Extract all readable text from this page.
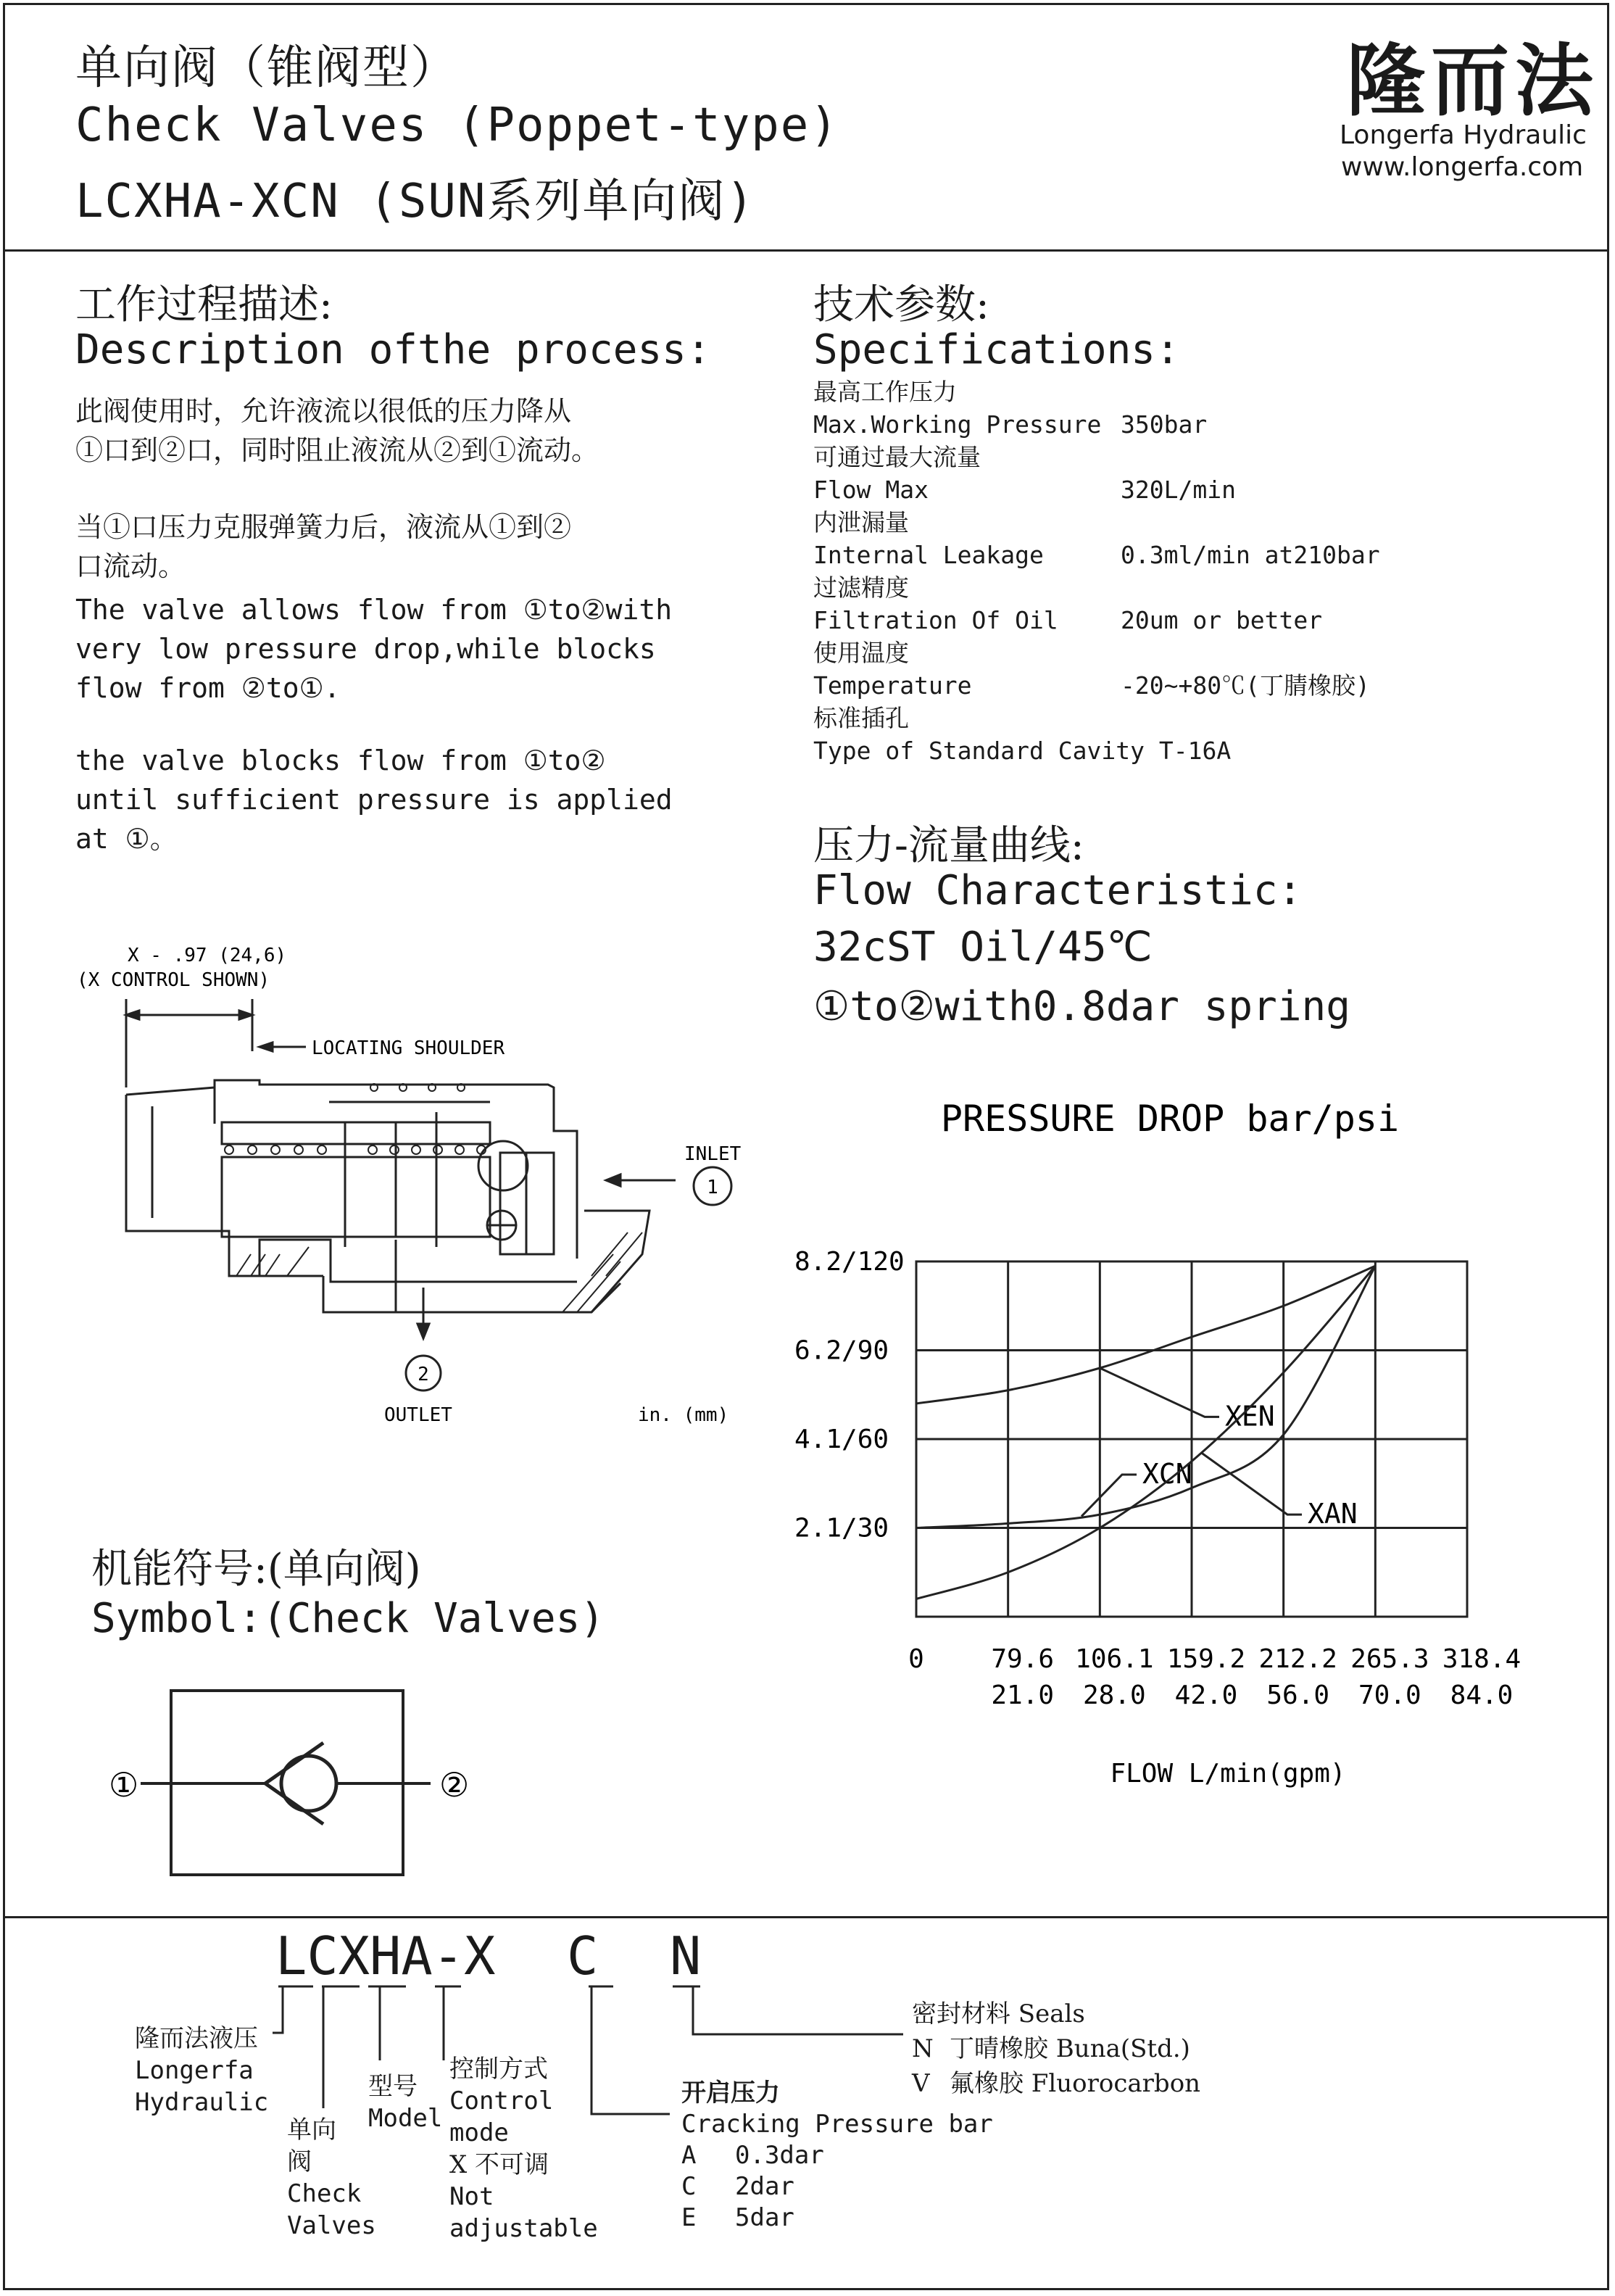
单向阀（锥阀型）
Check Valves (Poppet-type)
LCXHA-XCN (SUN系列单向阀)
隆而法
Longerfa Hydraulic
www.longerfa.com
工作过程描述:
Description ofthe process:
此阀使用时，允许液流以很低的压力降从
①口到②口，同时阻止液流从②到①流动。
当①口压力克服弹簧力后，液流从①到②
口流动。
The valve allows flow from ①to②with
very low pressure drop,while blocks
flow from ②to①.
the valve blocks flow from ①to②
until sufficient pressure is applied
at ①。
技术参数:
Specifications:
最高工作压力
Max.Working Pressure 350bar
可通过最大流量
Flow Max	320L/min
内泄漏量
Internal Leakage	0.3ml/min at210bar
过滤精度
Filtration Of Oil	20um or better
使用温度
Temperature	-20~+80℃(丁腈橡胶)
标准插孔
Type of Standard Cavity T-16A
压力-流量曲线:
Flow Characteristic:
32cST Oil/45℃
①to②with0.8dar spring
PRESSURE DROP bar/psi
8.2/120
6.2/90
4.1/60
2.1/30
0	79.6 106.1 159.2 212.2 265.3 318.4
21.0 28.0 42.0 56.0 70.0 84.0
XEN
XCN
XAN
FLOW L/min(gpm)
X - .97 (24,6)
(X CONTROL SHOWN)
LOCATING SHOULDER
INLET
OUTLET	in. (mm)
1
2
机能符号:(单向阀)
Symbol:(Check Valves)
①	②
LCXHA-X C N
隆而法液压
Longerfa
Hydraulic
单向
阀
Check
Valves
型号
Model
控制方式
Control
mode
X 不可调
Not
adjustable
开启压力
Cracking Pressure bar
A 0.3dar
C 2dar
E 5dar
密封材料 Seals
N 丁晴橡胶 Buna(Std.)
V 氟橡胶 Fluorocarbon
